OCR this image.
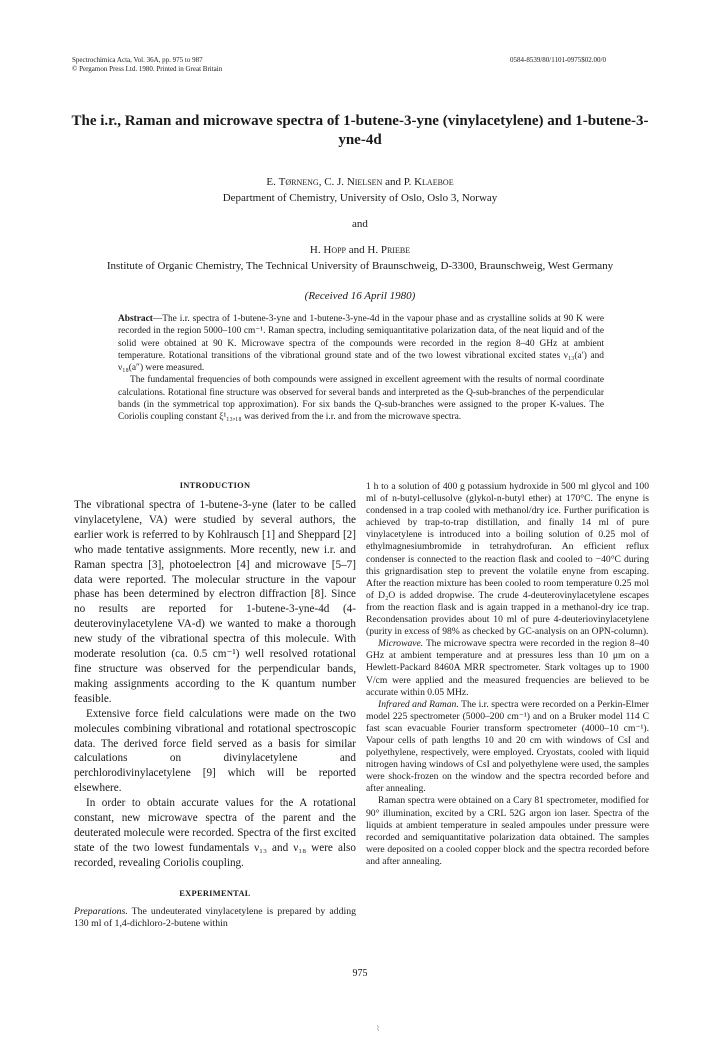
Spectrochimica Acta, Vol. 36A, pp. 975 to 987
© Pergamon Press Ltd. 1980. Printed in Great Britain
0584-8539/80/1101-0975$02.00/0
The i.r., Raman and microwave spectra of 1-butene-3-yne (vinylacetylene) and 1-butene-3-yne-4d
E. Tørneng, C. J. Nielsen and P. Klaeboe
Department of Chemistry, University of Oslo, Oslo 3, Norway
and
H. Hopp and H. Priebe
Institute of Organic Chemistry, The Technical University of Braunschweig, D-3300, Braunschweig, West Germany
(Received 16 April 1980)

Abstract—The i.r. spectra of 1-butene-3-yne and 1-butene-3-yne-4d in the vapour phase and as crystalline solids at 90 K were recorded in the region 5000–100 cm⁻¹. Raman spectra, including semiquantitative polarization data, of the neat liquid and of the solid were obtained at 90 K. Microwave spectra of the compounds were recorded in the region 8–40 GHz at ambient temperature. Rotational transitions of the vibrational ground state and of the two lowest vibrational excited states ν₁₃(a′) and ν₁₈(a″) were measured.

The fundamental frequencies of both compounds were assigned in excellent agreement with the results of normal coordinate calculations. Rotational fine structure was observed for several bands and interpreted as the Q-sub-branches of the perpendicular bands (in the symmetrical top approximation). For six bands the Q-sub-branches were assigned to the proper K-values. The Coriolis coupling constant ξ¹₁₃,₁₈ was derived from the i.r. and from the microwave spectra.

INTRODUCTION

The vibrational spectra of 1-butene-3-yne (later to be called vinylacetylene, VA) were studied by several authors, the earlier work is referred to by Kohlrausch [1] and Sheppard [2] who made tentative assignments. More recently, new i.r. and Raman spectra [3], photoelectron [4] and microwave [5–7] data were reported. The molecular structure in the vapour phase has been determined by electron diffraction [8]. Since no results are reported for 1-butene-3-yne-4d (4-deuterovinylacetylene VA-d) we wanted to make a thorough new study of the vibrational spectra of this molecule. With moderate resolution (ca. 0.5 cm⁻¹) well resolved rotational fine structure was observed for the perpendicular bands, making assignments according to the K quantum number feasible.

Extensive force field calculations were made on the two molecules combining vibrational and rotational spectroscopic data. The derived force field served as a basis for similar calculations on divinylacetylene and perchlorodivinylacetylene [9] which will be reported elsewhere.

In order to obtain accurate values for the A rotational constant, new microwave spectra of the parent and the deuterated molecule were recorded. Spectra of the first excited state of the two lowest fundamentals ν₁₃ and ν₁₈ were also recorded, revealing Coriolis coupling.

EXPERIMENTAL
Preparations. The undeuterated vinylacetylene is prepared by adding 130 ml of 1,4-dichloro-2-butene within

1 h to a solution of 400 g potassium hydroxide in 500 ml glycol and 100 ml of n-butyl-cellusolve (glykol-n-butyl ether) at 170°C. The enyne is condensed in a trap cooled with methanol/dry ice. Further purification is achieved by trap-to-trap distillation, and finally 14 ml of pure vinylacetylene is introduced into a boiling solution of 0.25 mol of ethylmagnesiumbromide in tetrahydrofuran. An efficient reflux condenser is connected to the reaction flask and cooled to −40°C during this grignardisation step to prevent the volatile enyne from escaping. After the reaction mixture has been cooled to room temperature 0.25 mol of D₂O is added dropwise. The crude 4-deuterovinylacetylene escapes from the reaction flask and is again trapped in a methanol-dry ice trap. Recondensation provides about 10 ml of pure 4-deuteriovinylacetylene (purity in excess of 98% as checked by GC-analysis on an OPN-column).

Microwave. The microwave spectra were recorded in the region 8–40 GHz at ambient temperature and at pressures less than 10 μm on a Hewlett-Packard 8460A MRR spectrometer. Stark voltages up to 1900 V/cm were applied and the measured frequencies are believed to be accurate within 0.05 MHz.

Infrared and Raman. The i.r. spectra were recorded on a Perkin-Elmer model 225 spectrometer (5000–200 cm⁻¹) and on a Bruker model 114 C fast scan evacuable Fourier transform spectrometer (4000–10 cm⁻¹). Vapour cells of path lengths 10 and 20 cm with windows of CsI and polyethylene, respectively, were employed. Cryostats, cooled with liquid nitrogen having windows of CsI and polyethylene were used, the samples were shock-frozen on the window and the spectra recorded before and after annealing.

Raman spectra were obtained on a Cary 81 spectrometer, modified for 90° illumination, excited by a CRL 52G argon ion laser. Spectra of the liquids at ambient temperature in sealed ampoules under pressure were recorded and semiquantitative polarization data obtained. The samples were deposited on a cooled copper block and the spectra recorded before and after annealing.

975
⌇
